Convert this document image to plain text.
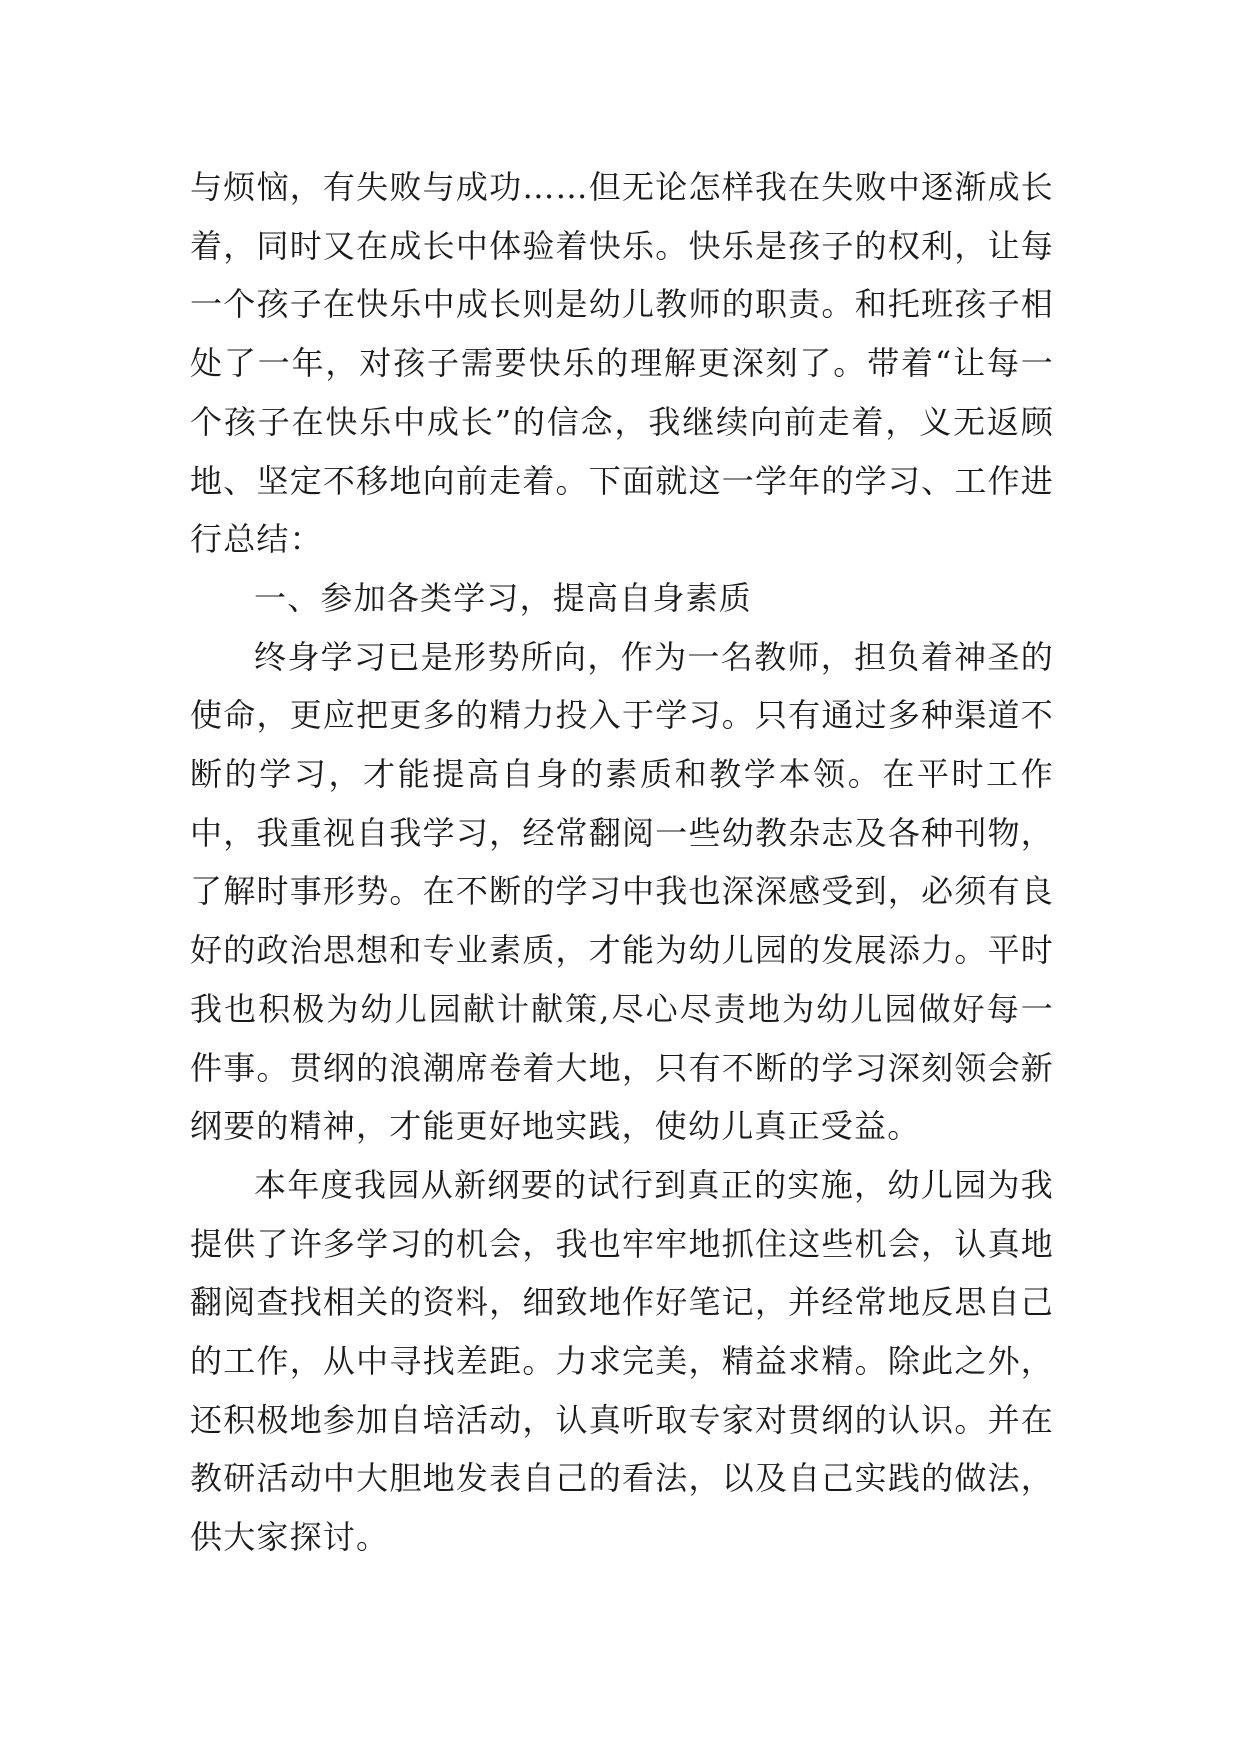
与烦恼，有失败与成功……但无论怎样我在失败中逐渐成长着，同时又在成长中体验着快乐。快乐是孩子的权利，让每一个孩子在快乐中成长则是幼儿教师的职责。和托班孩子相处了一年，对孩子需要快乐的理解更深刻了。带着“让每一个孩子在快乐中成长”的信念，我继续向前走着，义无返顾地、坚定不移地向前走着。下面就这一学年的学习、工作进行总结：

一、参加各类学习，提高自身素质

终身学习已是形势所向，作为一名教师，担负着神圣的使命，更应把更多的精力投入于学习。只有通过多种渠道不断的学习，才能提高自身的素质和教学本领。在平时工作中，我重视自我学习，经常翻阅一些幼教杂志及各种刊物，了解时事形势。在不断的学习中我也深深感受到，必须有良好的政治思想和专业素质，才能为幼儿园的发展添力。平时我也积极为幼儿园献计献策,尽心尽责地为幼儿园做好每一件事。贯纲的浪潮席卷着大地，只有不断的学习深刻领会新纲要的精神，才能更好地实践，使幼儿真正受益。

本年度我园从新纲要的试行到真正的实施，幼儿园为我提供了许多学习的机会，我也牢牢地抓住这些机会，认真地翻阅查找相关的资料，细致地作好笔记，并经常地反思自己的工作，从中寻找差距。力求完美，精益求精。除此之外，还积极地参加自培活动，认真听取专家对贯纲的认识。并在教研活动中大胆地发表自己的看法，以及自己实践的做法，供大家探讨。
